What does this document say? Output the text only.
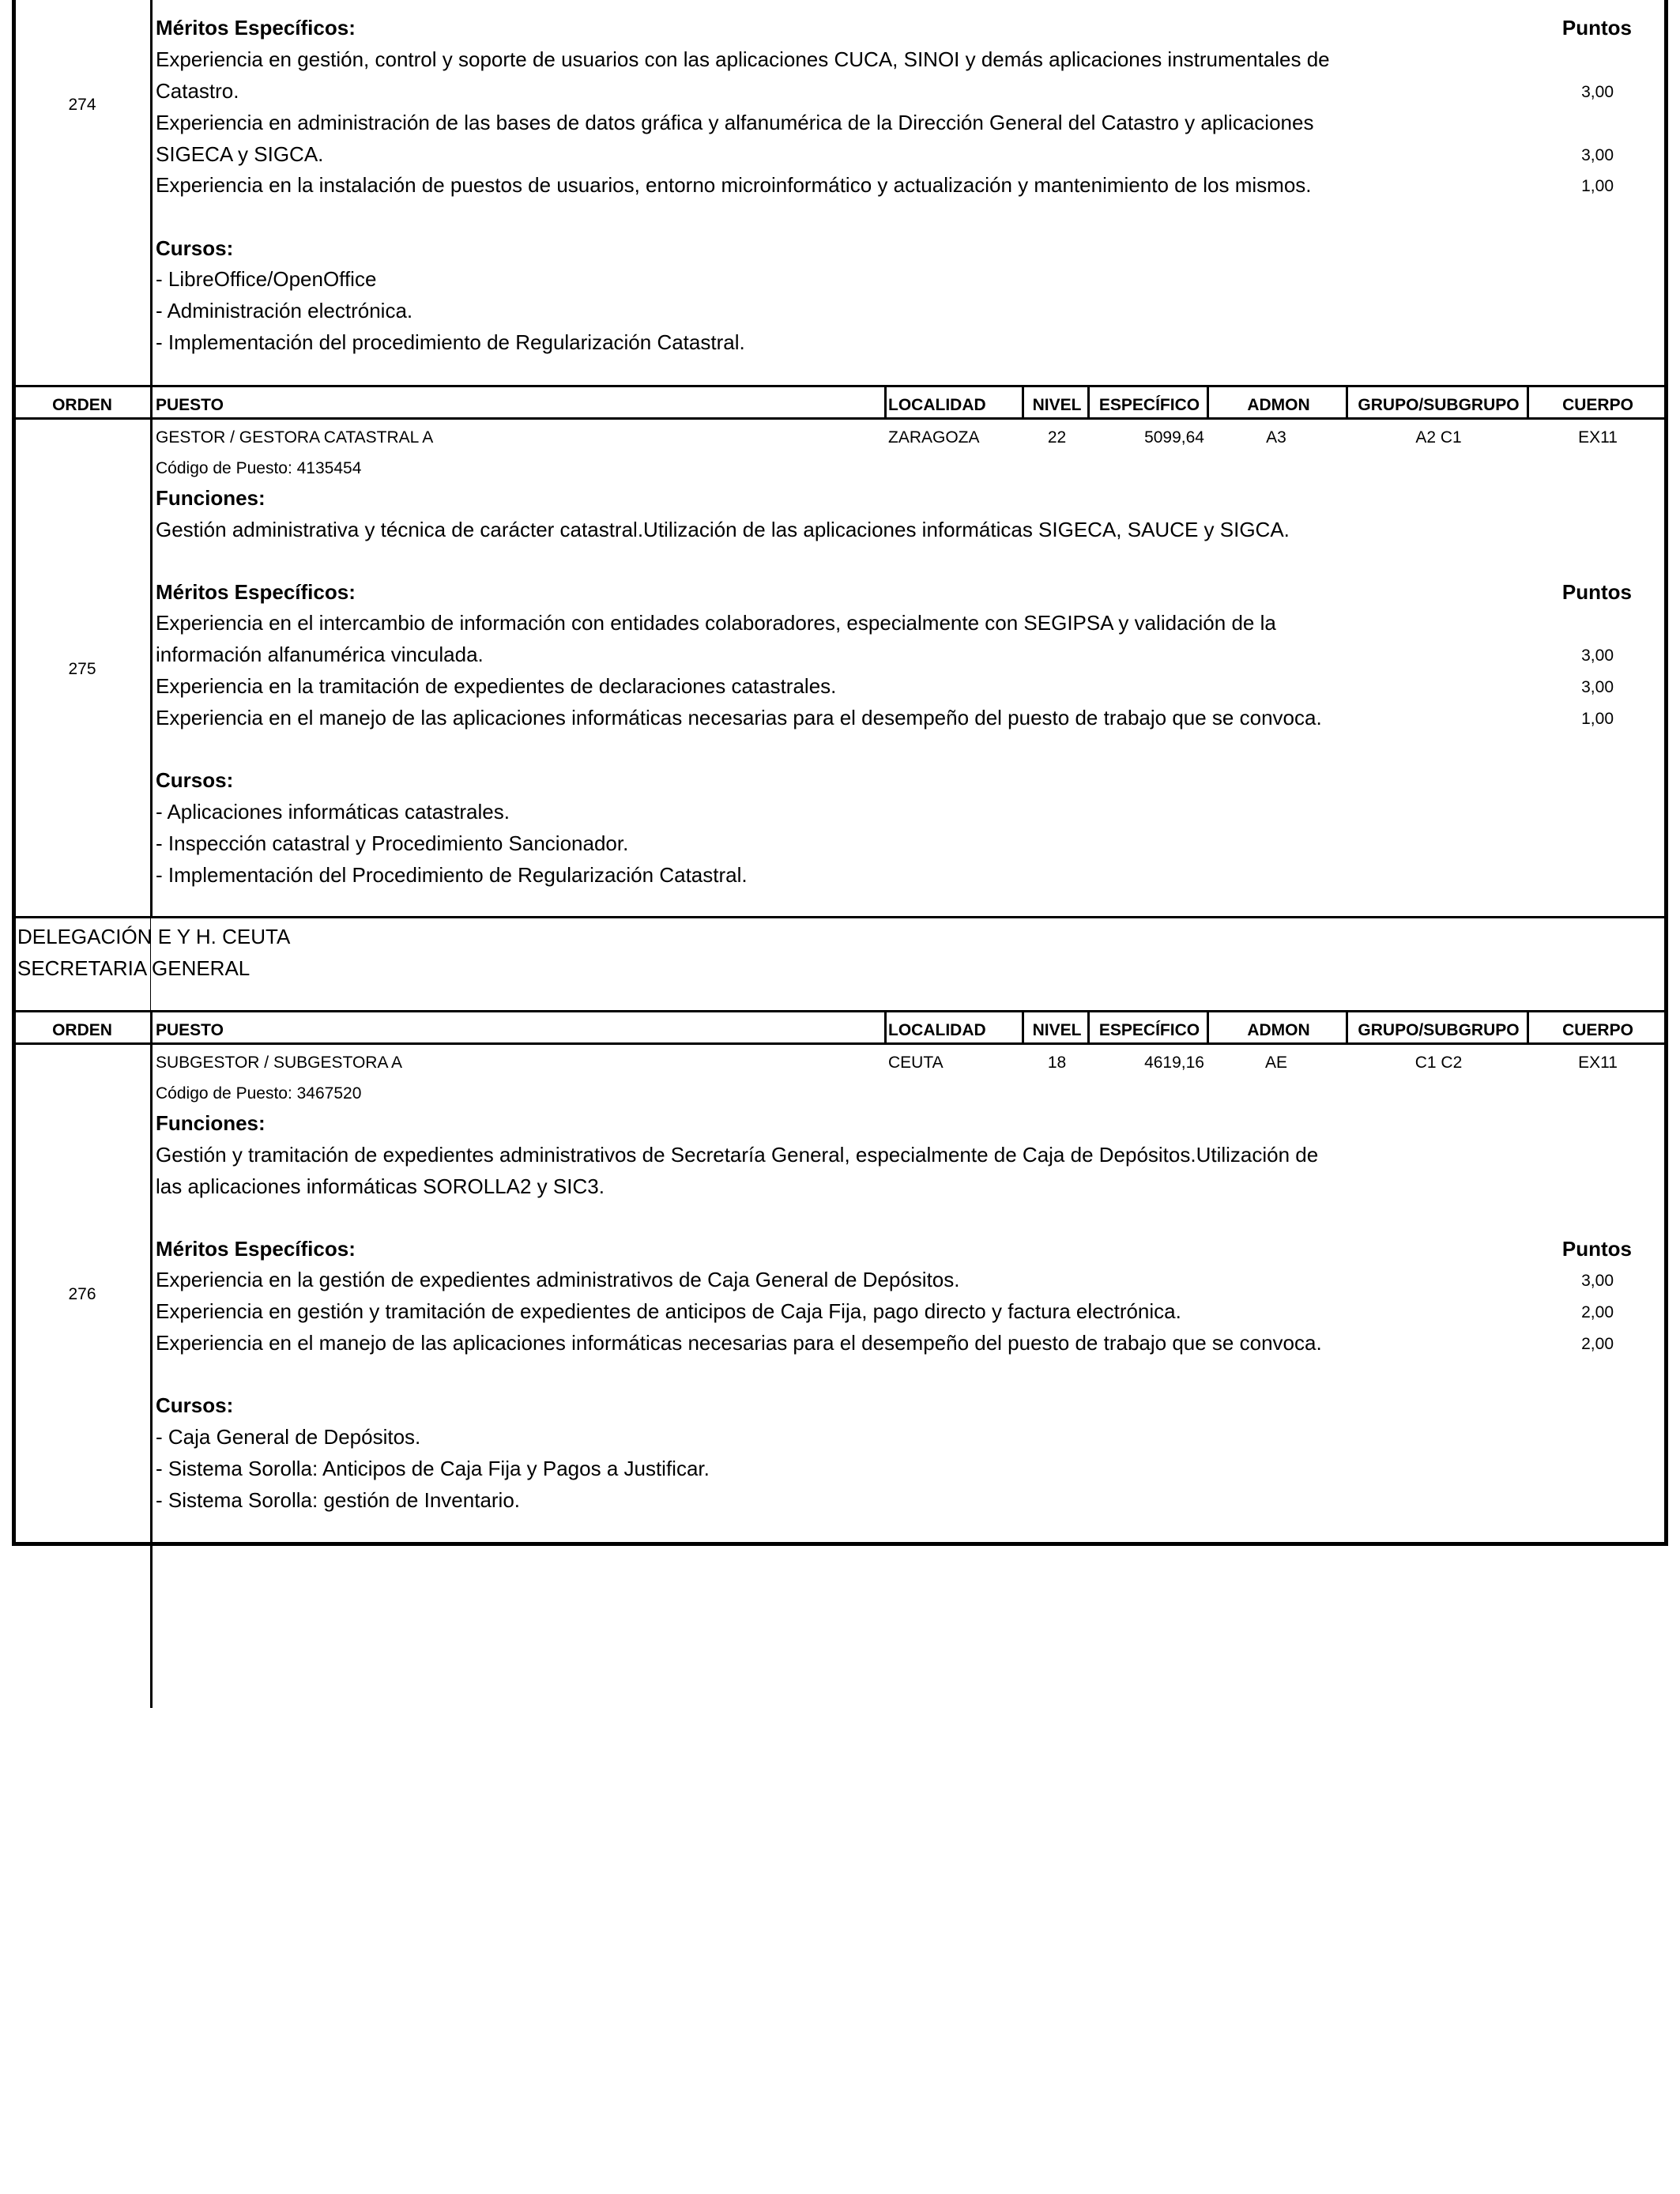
274
Méritos Específicos:	Puntos
Experiencia en gestión, control y soporte de usuarios con las aplicaciones CUCA, SINOI y demás aplicaciones instrumentales de
Catastro.	3,00
Experiencia en administración de las bases de datos gráfica y alfanumérica de la Dirección General del Catastro y aplicaciones
SIGECA y SIGCA.	3,00
Experiencia en la instalación de puestos de usuarios, entorno microinformático y actualización y mantenimiento de los mismos.	1,00
Cursos:
- LibreOffice/OpenOffice
- Administración electrónica.
- Implementación del procedimiento de Regularización Catastral.
ORDEN	PUESTO	LOCALIDAD	NIVEL	ESPECÍFICO	ADMON	GRUPO/SUBGRUPO	CUERPO
275
GESTOR / GESTORA CATASTRAL A	ZARAGOZA	22	5099,64	A3	A2 C1	EX11
Código de Puesto: 4135454
Funciones:
Gestión administrativa y técnica de carácter catastral.Utilización de las aplicaciones informáticas SIGECA, SAUCE y SIGCA.
Méritos Específicos:	Puntos
Experiencia en el intercambio de información con entidades colaboradores, especialmente con SEGIPSA y validación de la
información alfanumérica vinculada.	3,00
Experiencia en la tramitación de expedientes de declaraciones catastrales.	3,00
Experiencia en el manejo de las aplicaciones informáticas necesarias para el desempeño del puesto de trabajo que se convoca.	1,00
Cursos:
- Aplicaciones informáticas catastrales.
- Inspección catastral y Procedimiento Sancionador.
- Implementación del Procedimiento de Regularización Catastral.
DELEGACIÓN E Y H. CEUTA
SECRETARIA GENERAL
ORDEN	PUESTO	LOCALIDAD	NIVEL	ESPECÍFICO	ADMON	GRUPO/SUBGRUPO	CUERPO
276
SUBGESTOR / SUBGESTORA A	CEUTA	18	4619,16	AE	C1 C2	EX11
Código de Puesto: 3467520
Funciones:
Gestión y tramitación de expedientes administrativos de Secretaría General, especialmente de Caja de Depósitos.Utilización de
las aplicaciones informáticas SOROLLA2 y SIC3.
Méritos Específicos:	Puntos
Experiencia en la gestión de expedientes administrativos de Caja General de Depósitos.	3,00
Experiencia en gestión y tramitación de expedientes de anticipos de Caja Fija, pago directo y factura electrónica.	2,00
Experiencia en el manejo de las aplicaciones informáticas necesarias para el desempeño del puesto de trabajo que se convoca.	2,00
Cursos:
- Caja General de Depósitos.
- Sistema Sorolla: Anticipos de Caja Fija y Pagos a Justificar.
- Sistema Sorolla: gestión de Inventario.
